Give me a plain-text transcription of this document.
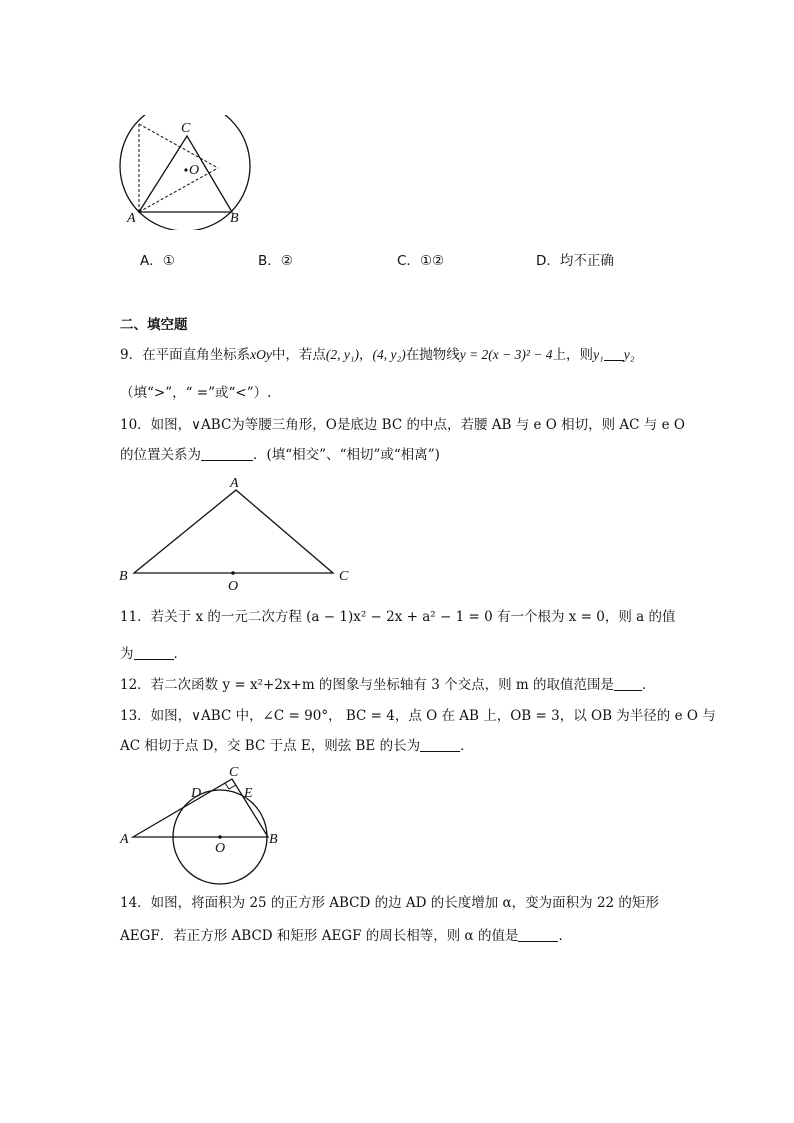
C
O
A	B
A．①	B．②	C．①②	D．均不正确
二、填空题
9．在平面直角坐标系xOy中，若点(2, y₁)，(4, y₂)在抛物线y = 2(x − 3)² − 4上，则y₁ y₂
（填“>”，“ =”或“<”）.
10．如图，∨ABC为等腰三角形，O是底边 BC 的中点，若腰 AB 与 e O 相切，则 AC 与 e O
的位置关系为	．(填“相交”、“相切”或“相离”)
A
B
O
C
11．若关于 x 的一元二次方程 (a − 1)x² − 2x + a² − 1 = 0 有一个根为 x = 0，则 a 的值
为	．
12．若二次函数 y = x²+2x+m 的图象与坐标轴有 3 个交点，则 m 的取值范围是 ．
13．如图，∨ABC 中，∠C = 90°， BC = 4，点 O 在 AB 上，OB = 3，以 OB 为半径的 e O 与
AC 相切于点 D，交 BC 于点 E，则弦 BE 的长为	．
C
D	E
A
O
B
14．如图，将面积为 25 的正方形 ABCD 的边 AD 的长度增加 α，变为面积为 22 的矩形
AEGF．若正方形 ABCD 和矩形 AEGF 的周长相等，则 α 的值是	．
